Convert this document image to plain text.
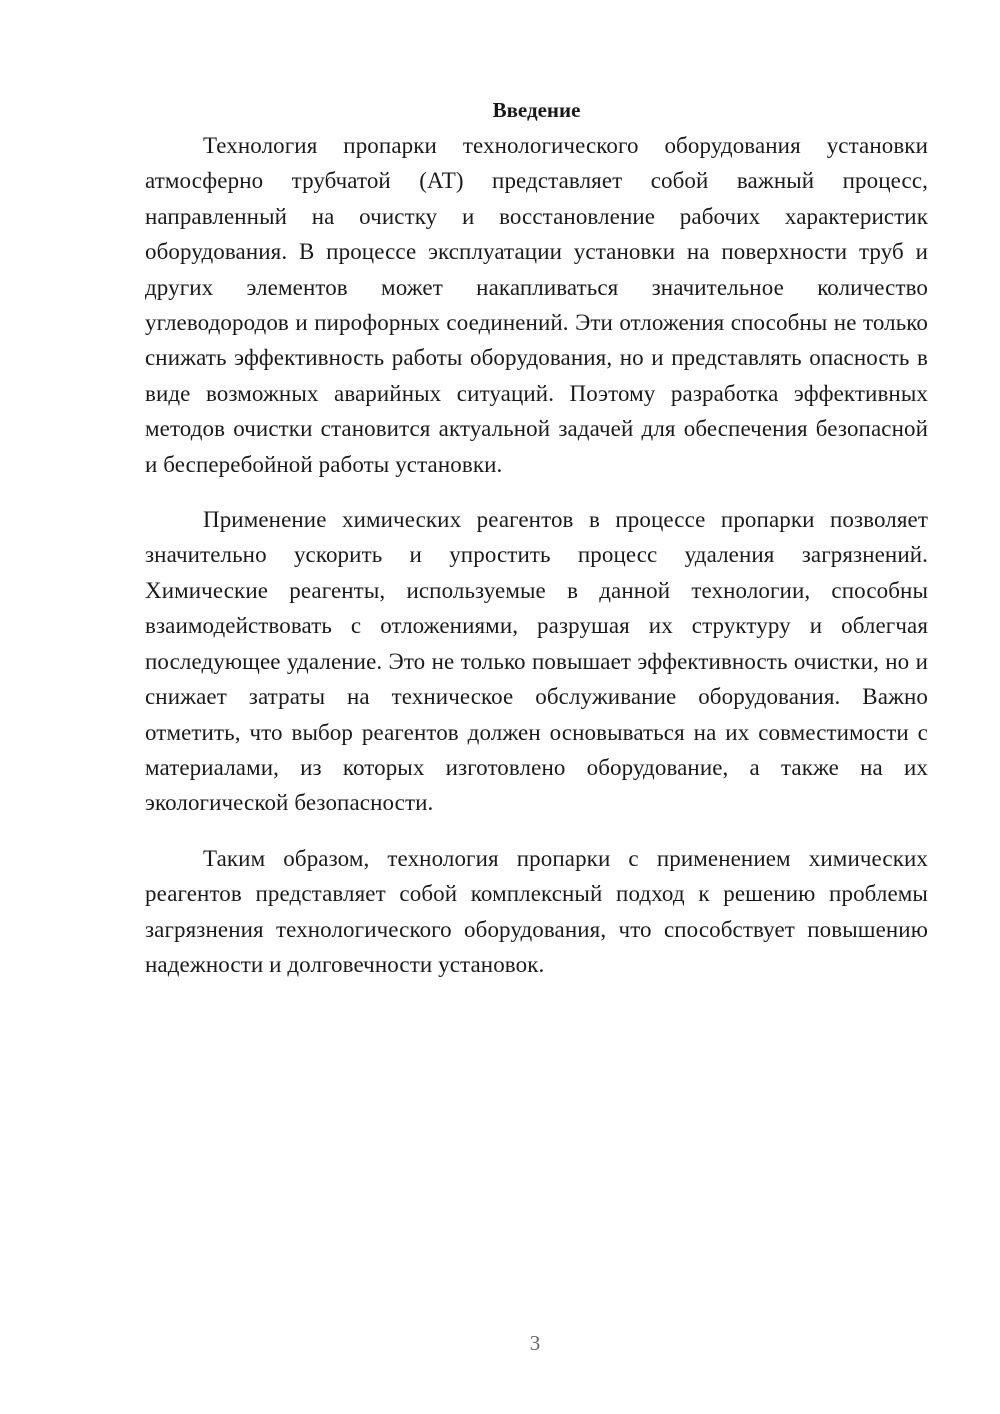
Введение

Технология пропарки технологического оборудования установки атмосферно трубчатой (АТ) представляет собой важный процесс, направленный на очистку и восстановление рабочих характеристик оборудования. В процессе эксплуатации установки на поверхности труб и других элементов может накапливаться значительное количество углеводородов и пирофорных соединений. Эти отложения способны не только снижать эффективность работы оборудования, но и представлять опасность в виде возможных аварийных ситуаций. Поэтому разработка эффективных методов очистки становится актуальной задачей для обеспечения безопасной и бесперебойной работы установки.

Применение химических реагентов в процессе пропарки позволяет значительно ускорить и упростить процесс удаления загрязнений. Химические реагенты, используемые в данной технологии, способны взаимодействовать с отложениями, разрушая их структуру и облегчая последующее удаление. Это не только повышает эффективность очистки, но и снижает затраты на техническое обслуживание оборудования. Важно отметить, что выбор реагентов должен основываться на их совместимости с материалами, из которых изготовлено оборудование, а также на их экологической безопасности.

Таким образом, технология пропарки с применением химических реагентов представляет собой комплексный подход к решению проблемы загрязнения технологического оборудования, что способствует повышению надежности и долговечности установок.

3
